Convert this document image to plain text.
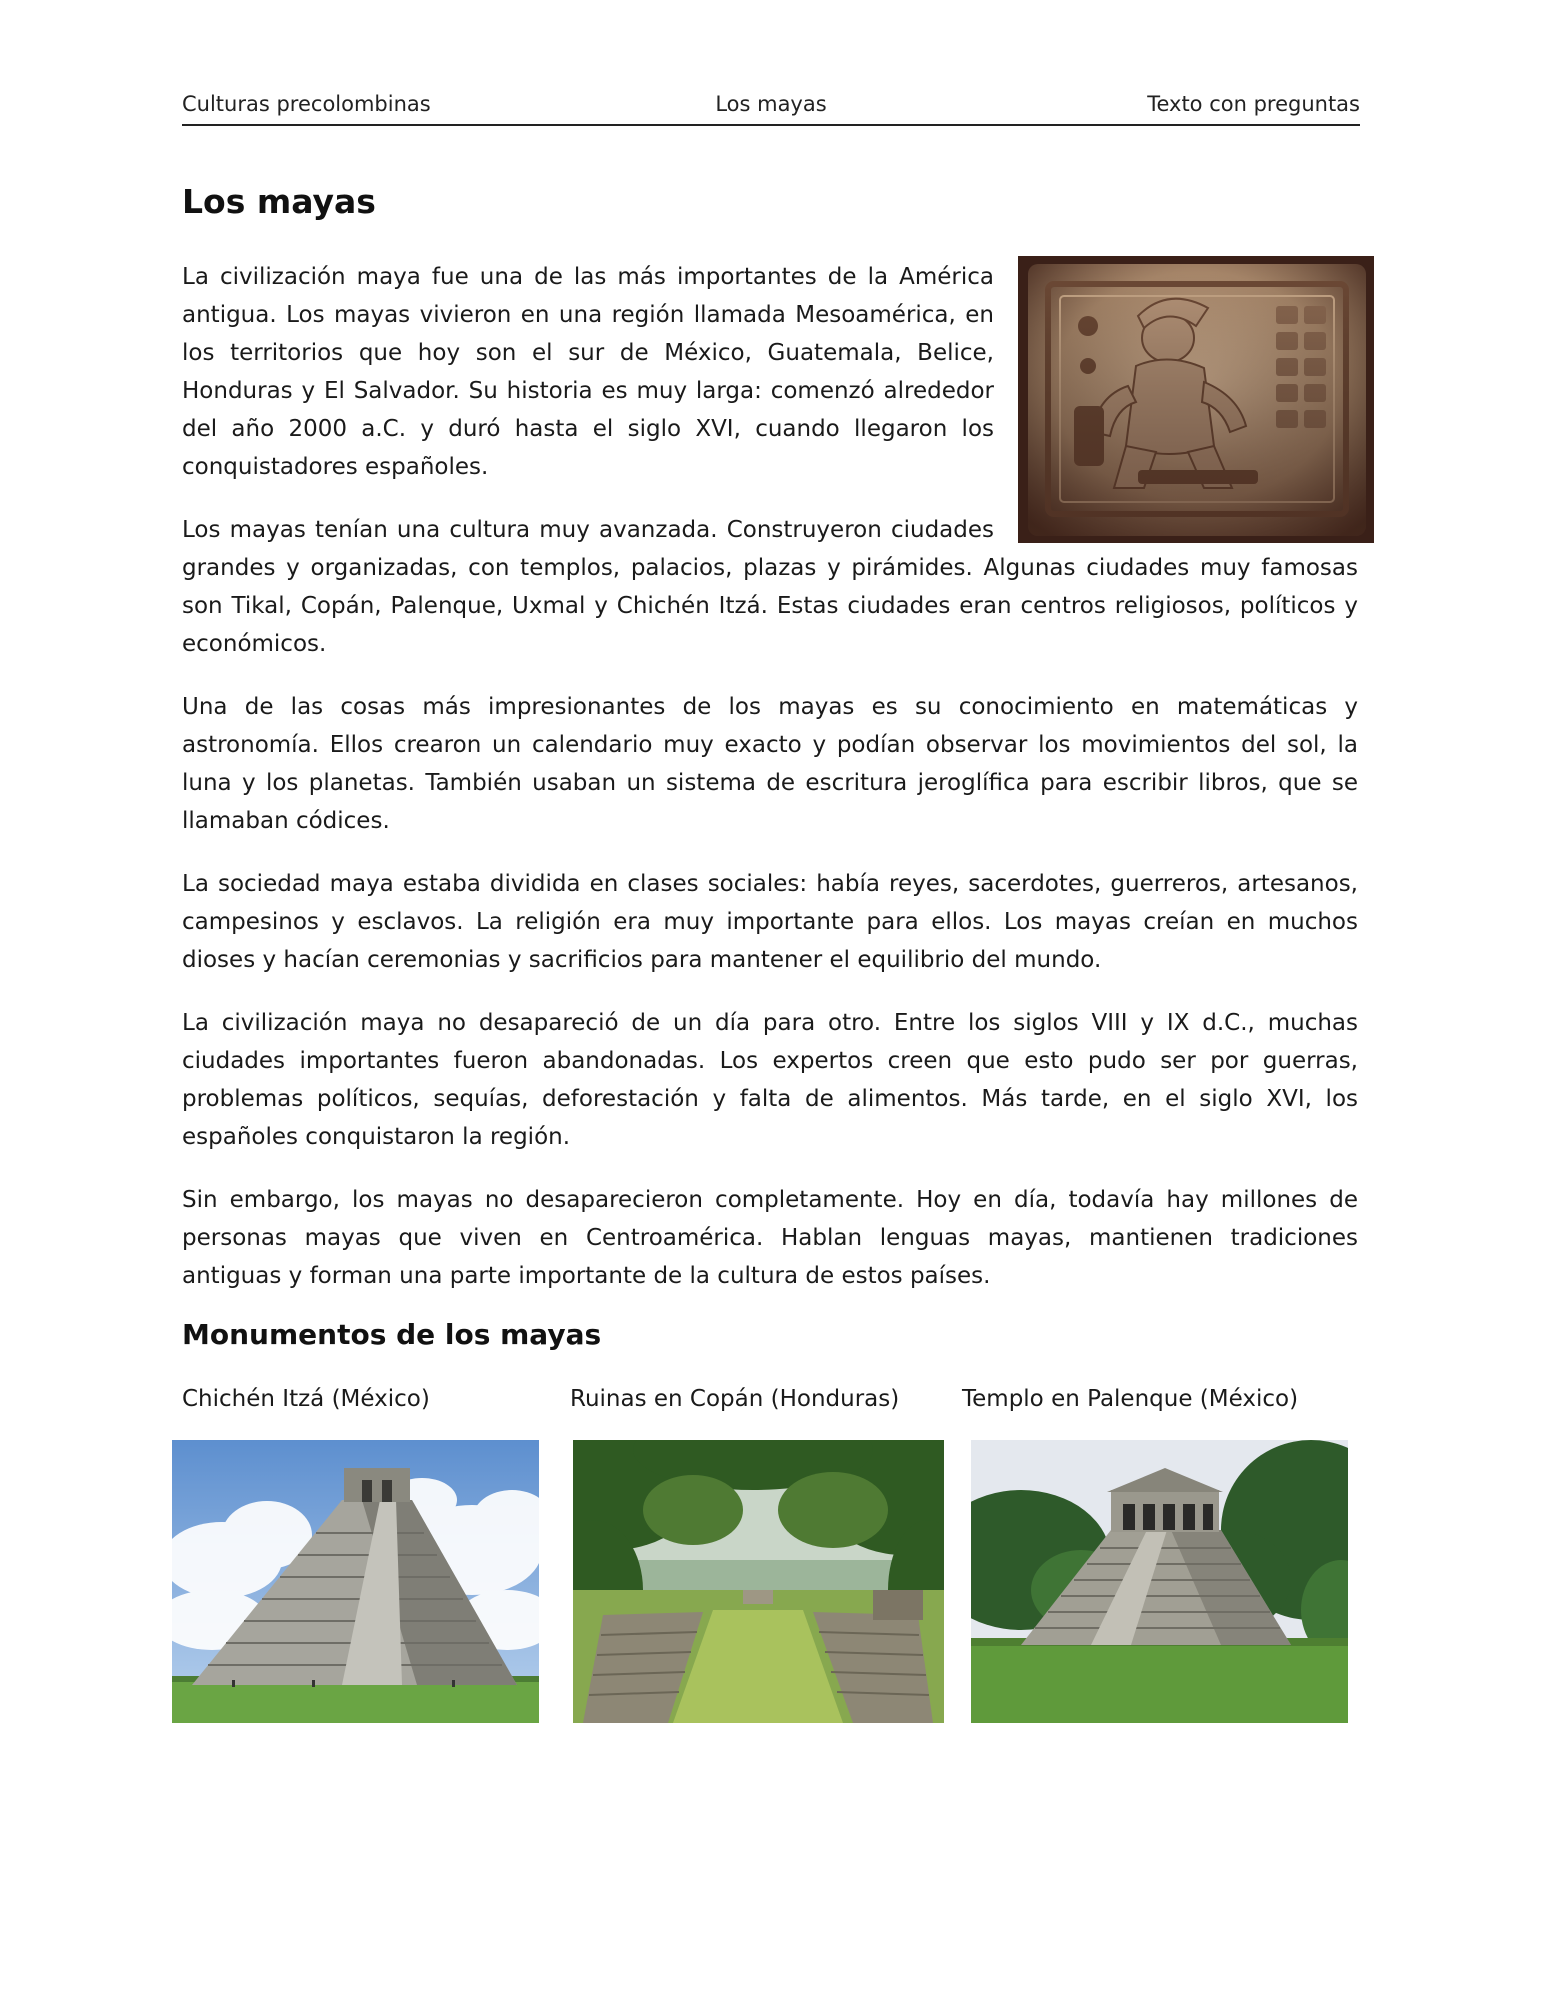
Culturas precolombinas	Los mayas	Texto con preguntas
Los mayas

La civilización maya fue una de las más importantes de la América antigua. Los mayas vivieron en una región llamada Mesoamérica, en los territorios que hoy son el sur de México, Guatemala, Belice, Honduras y El Salvador. Su historia es muy larga: comenzó alrededor del año 2000 a.C. y duró hasta el siglo XVI, cuando llegaron los conquistadores españoles.

Los mayas tenían una cultura muy avanzada. Construyeron ciudades grandes y organizadas, con templos, palacios, plazas y pirámides. Algunas ciudades muy famosas son Tikal, Copán, Palenque, Uxmal y Chichén Itzá. Estas ciudades eran centros religiosos, políticos y económicos.

Una de las cosas más impresionantes de los mayas es su conocimiento en matemáticas y astronomía. Ellos crearon un calendario muy exacto y podían observar los movimientos del sol, la luna y los planetas. También usaban un sistema de escritura jeroglífica para escribir libros, que se llamaban códices.

La sociedad maya estaba dividida en clases sociales: había reyes, sacerdotes, guerreros, artesanos, campesinos y esclavos. La religión era muy importante para ellos. Los mayas creían en muchos dioses y hacían ceremonias y sacrificios para mantener el equilibrio del mundo.

La civilización maya no desapareció de un día para otro. Entre los siglos VIII y IX d.C., muchas ciudades importantes fueron abandonadas. Los expertos creen que esto pudo ser por guerras, problemas políticos, sequías, deforestación y falta de alimentos. Más tarde, en el siglo XVI, los españoles conquistaron la región.

Sin embargo, los mayas no desaparecieron completamente. Hoy en día, todavía hay millones de personas mayas que viven en Centroamérica. Hablan lenguas mayas, mantienen tradiciones antiguas y forman una parte importante de la cultura de estos países.

Monumentos de los mayas
Chichén Itzá (México)	Ruinas en Copán (Honduras)	Templo en Palenque (México)
